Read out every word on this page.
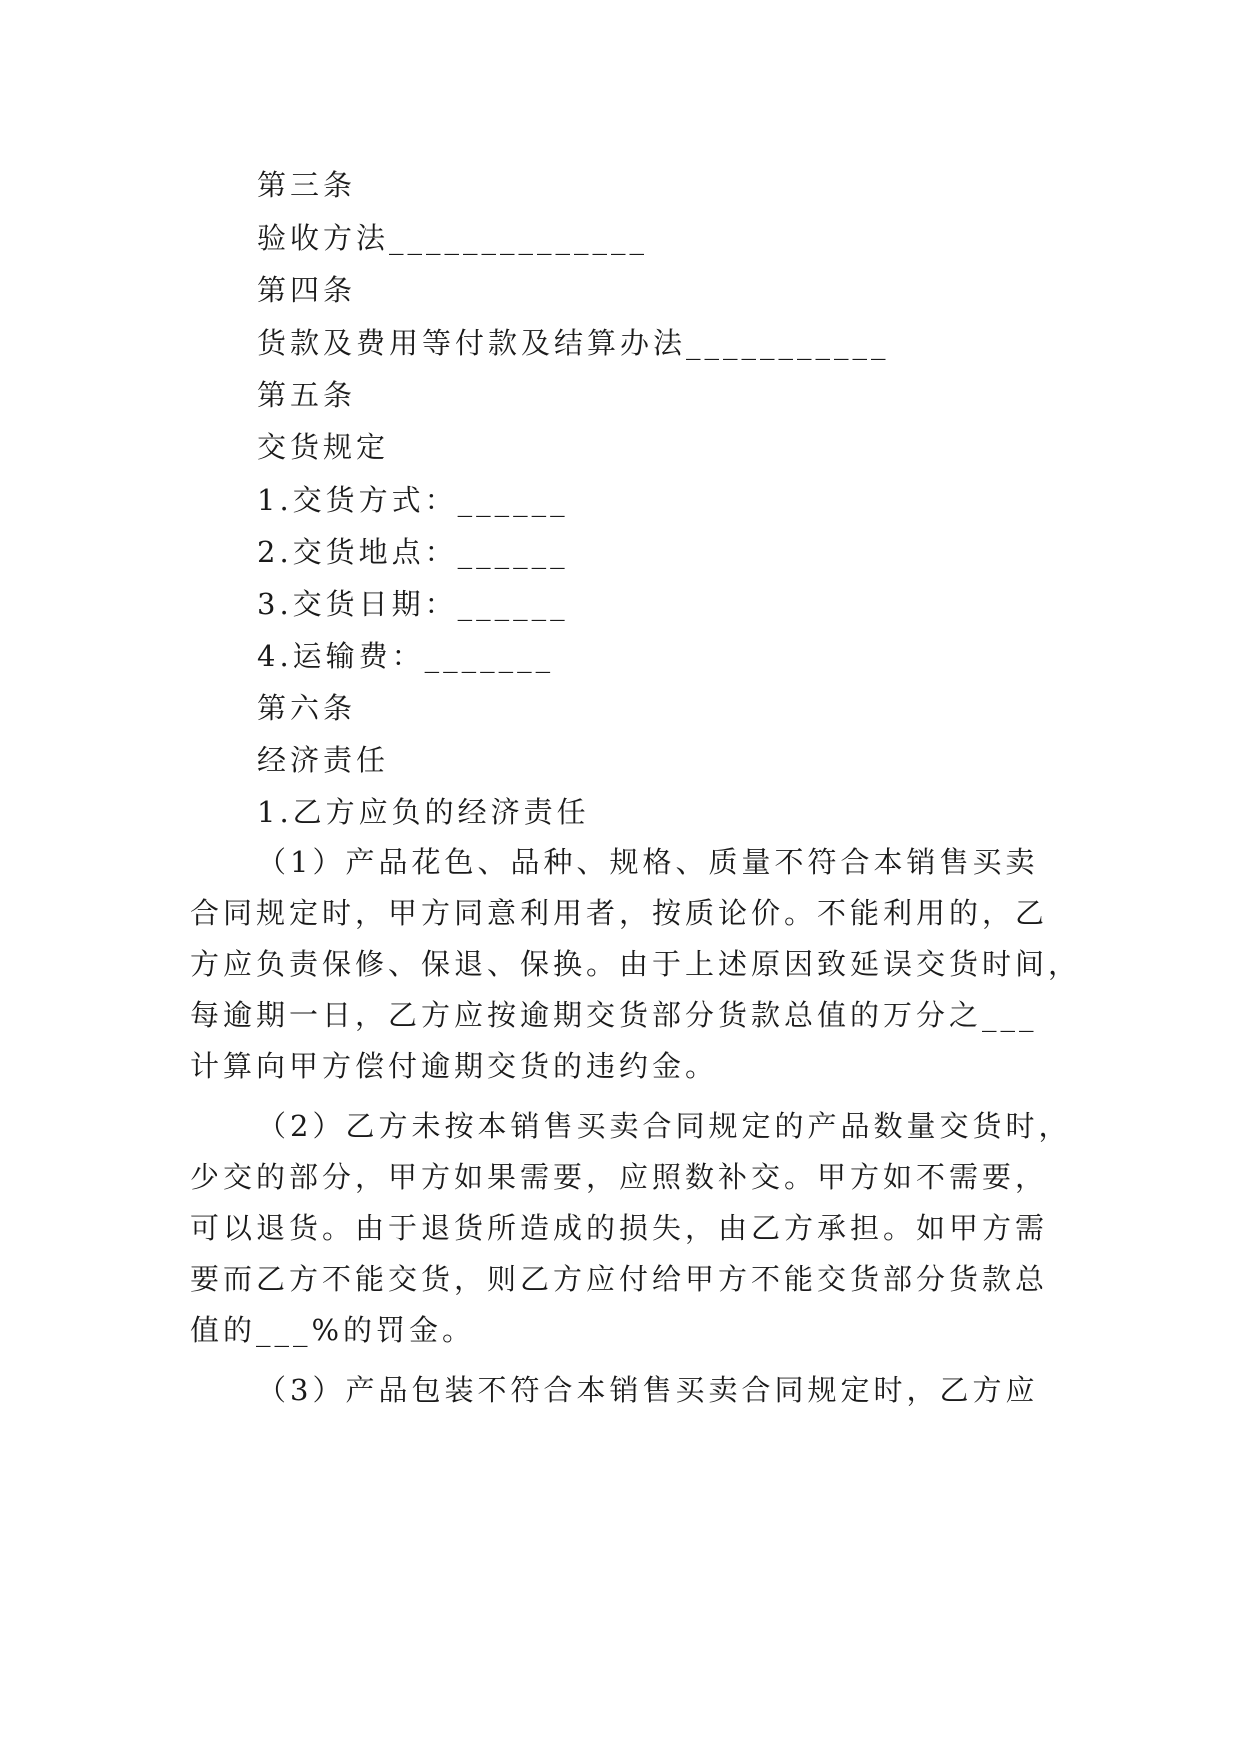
第三条
验收方法______________
第四条
货款及费用等付款及结算办法___________
第五条
交货规定
1.交货方式：______
2.交货地点：______
3.交货日期：______
4.运输费：_______
第六条
经济责任
1.乙方应负的经济责任
（1）产品花色、品种、规格、质量不符合本销售买卖
合同规定时，甲方同意利用者，按质论价。不能利用的，乙
方应负责保修、保退、保换。由于上述原因致延误交货时间，
每逾期一日，乙方应按逾期交货部分货款总值的万分之___
计算向甲方偿付逾期交货的违约金。
（2）乙方未按本销售买卖合同规定的产品数量交货时，
少交的部分，甲方如果需要，应照数补交。甲方如不需要，
可以退货。由于退货所造成的损失，由乙方承担。如甲方需
要而乙方不能交货，则乙方应付给甲方不能交货部分货款总
值的___%的罚金。
（3）产品包装不符合本销售买卖合同规定时，乙方应
